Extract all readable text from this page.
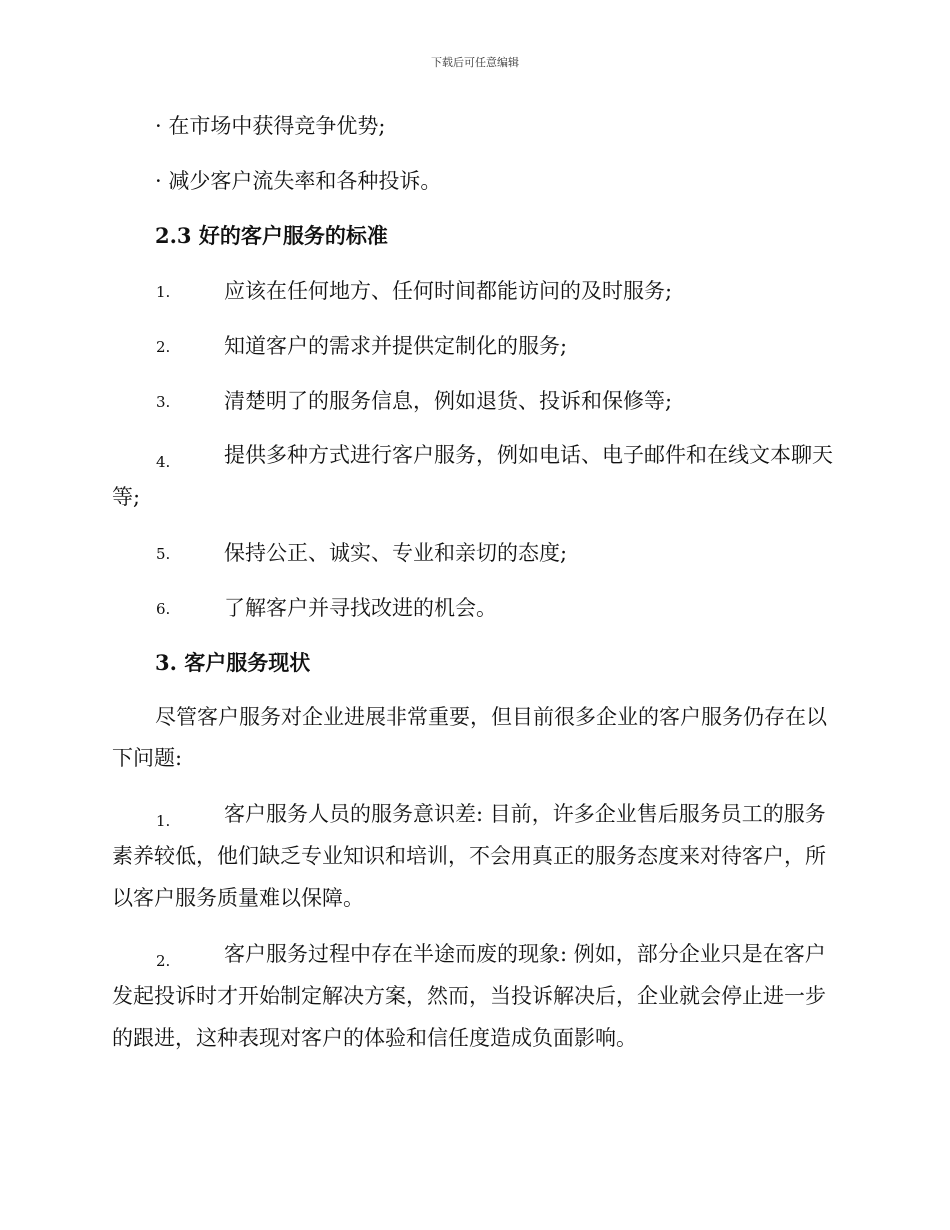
下载后可任意编辑
· 在市场中获得竞争优势;
· 减少客户流失率和各种投诉。
2.3 好的客户服务的标准
1.	应该在任何地方、任何时间都能访问的及时服务;
2.	知道客户的需求并提供定制化的服务;
3.	清楚明了的服务信息，例如退货、投诉和保修等;
4.	提供多种方式进行客户服务，例如电话、电子邮件和在线文本聊天等;
5.	保持公正、诚实、专业和亲切的态度;
6.	了解客户并寻找改进的机会。
3. 客户服务现状
尽管客户服务对企业进展非常重要，但目前很多企业的客户服务仍存在以下问题:
1.	客户服务人员的服务意识差: 目前，许多企业售后服务员工的服务素养较低，他们缺乏专业知识和培训，不会用真正的服务态度来对待客户，所以客户服务质量难以保障。
2.	客户服务过程中存在半途而废的现象: 例如，部分企业只是在客户发起投诉时才开始制定解决方案，然而，当投诉解决后，企业就会停止进一步的跟进，这种表现对客户的体验和信任度造成负面影响。
